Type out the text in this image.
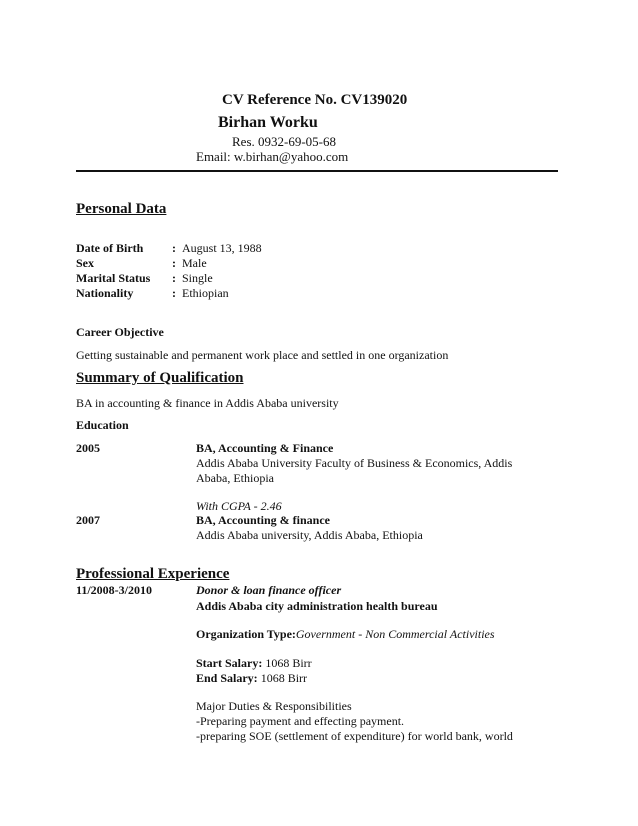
CV Reference No. CV139020
Birhan Worku
Res. 0932-69-05-68
Email: w.birhan@yahoo.com
Personal Data
Date of Birth : August 13, 1988
Sex	: Male
Marital Status : Single
Nationality	: Ethiopian
Career Objective
Getting sustainable and permanent work place and settled in one organization
Summary of Qualification
BA in accounting & finance in Addis Ababa university
Education
2005	BA, Accounting & Finance
Addis Ababa University Faculty of Business & Economics, Addis
Ababa, Ethiopia
With CGPA - 2.46
2007	BA, Accounting & finance
Addis Ababa university, Addis Ababa, Ethiopia
Professional Experience
11/2008-3/2010	Donor & loan finance officer
Addis Ababa city administration health bureau
Organization Type:Government - Non Commercial Activities
Start Salary: 1068 Birr
End Salary: 1068 Birr
Major Duties & Responsibilities
-Preparing payment and effecting payment.
-preparing SOE (settlement of expenditure) for world bank, world
